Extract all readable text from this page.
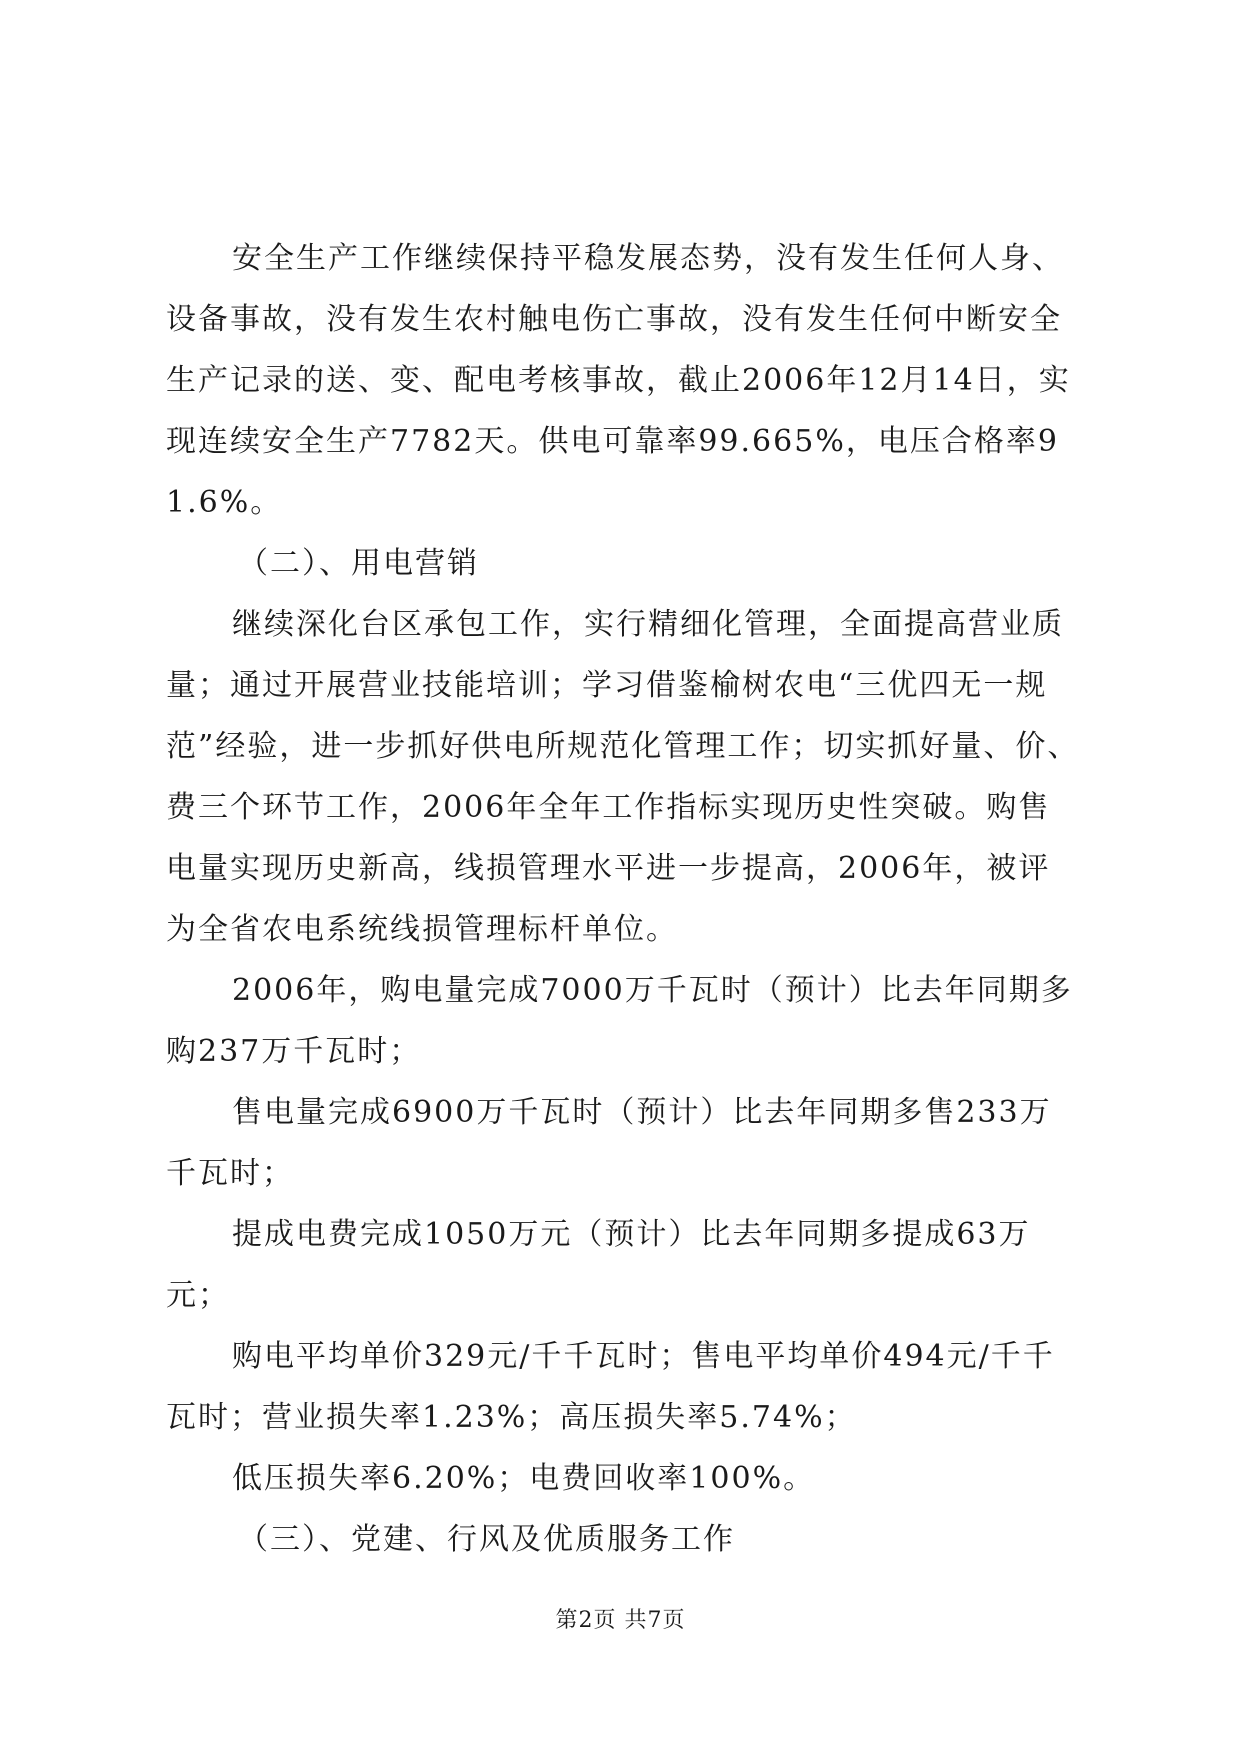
安全生产工作继续保持平稳发展态势，没有发生任何人身、设备事故，没有发生农村触电伤亡事故，没有发生任何中断安全生产记录的送、变、配电考核事故，截止2006年12月14日，实现连续安全生产7782天。供电可靠率99.665%，电压合格率91.6%。

（二）、用电营销

继续深化台区承包工作，实行精细化管理，全面提高营业质量；通过开展营业技能培训；学习借鉴榆树农电“三优四无一规范”经验，进一步抓好供电所规范化管理工作；切实抓好量、价、费三个环节工作，2006年全年工作指标实现历史性突破。购售电量实现历史新高，线损管理水平进一步提高，2006年，被评为全省农电系统线损管理标杆单位。

2006年，购电量完成7000万千瓦时（预计）比去年同期多购237万千瓦时；

售电量完成6900万千瓦时（预计）比去年同期多售233万千瓦时；

提成电费完成1050万元（预计）比去年同期多提成63万元；

购电平均单价329元/千千瓦时；售电平均单价494元/千千瓦时；营业损失率1.23%；高压损失率5.74%；

低压损失率6.20%；电费回收率100%。

（三）、党建、行风及优质服务工作

第2页 共7页
